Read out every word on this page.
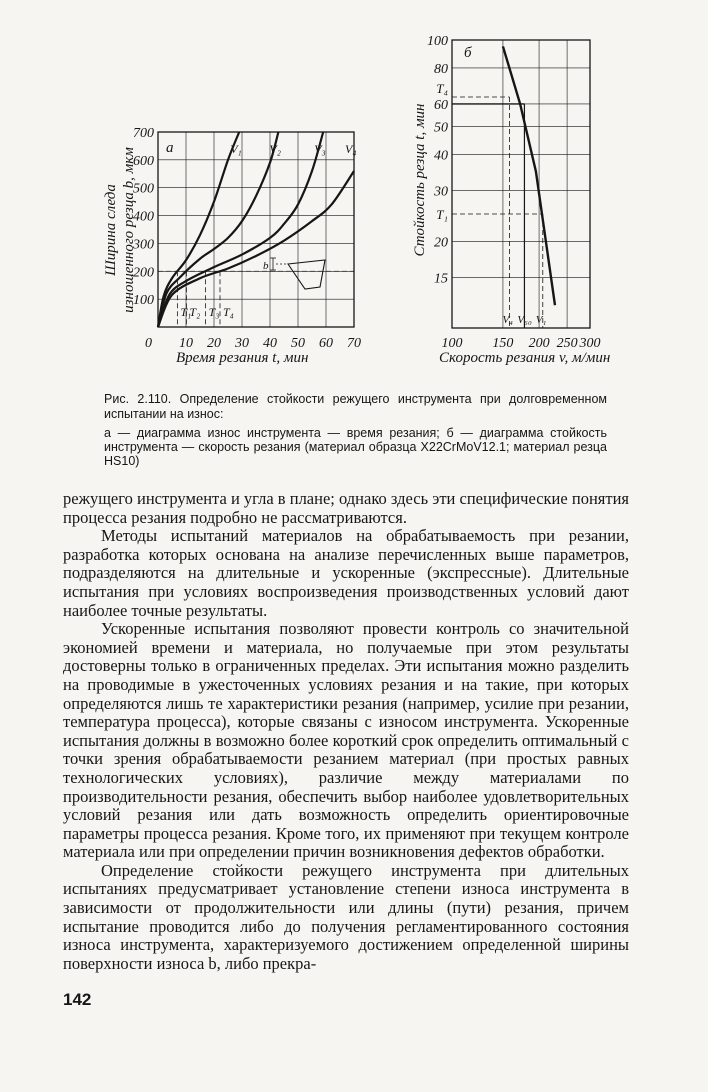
Ширина следа изношенного резца b, мкм
100
200
300
400
500
600
700
10 20 30 40 50 60 70
0
а	V₁ V₂	V₃ V₄
T₁
T₂ T₃ T₄
Время резания t, мин
b
Стойкость резца t, мин
100
80
60
50
40
30
20
15
T₄
T₁
100 150 200 250 300
V₄ V₆₀ V₁
б
Скорость резания v, м/мин
Рис. 2.110. Определение стойкости режущего инструмента при долговременном испытании на износ:
а — диаграмма износ инструмента — время резания; б — диаграмма стойкость инструмента — скорость резания (материал образца X22CrMoV12.1; материал резца HS10)

режущего инструмента и угла в плане; однако здесь эти специфические понятия процесса резания подробно не рассматриваются.

Методы испытаний материалов на обрабатываемость при резании, разработка которых основана на анализе перечисленных выше параметров, подразделяются на длительные и ускоренные (экспрессные). Длительные испытания при условиях воспроизведения производственных условий дают наиболее точные результаты.

Ускоренные испытания позволяют провести контроль со значительной экономией времени и материала, но получаемые при этом результаты достоверны только в ограниченных пределах. Эти испытания можно разделить на проводимые в ужесточенных условиях резания и на такие, при которых определяются лишь те характеристики резания (например, усилие при резании, температура процесса), которые связаны с износом инструмента. Ускоренные испытания должны в возможно более короткий срок определить оптимальный с точки зрения обрабатываемости резанием материал (при простых равных технологических условиях), различие между материалами по производительности резания, обеспечить выбор наиболее удовлетворительных условий резания или дать возможность определить ориентировочные параметры процесса резания. Кроме того, их применяют при текущем контроле материала или при определении причин возникновения дефектов обработки.

Определение стойкости режущего инструмента при длительных испытаниях предусматривает установление степени износа инструмента в зависимости от продолжительности или длины (пути) резания, причем испытание проводится либо до получения регламентированного состояния износа инструмента, характеризуемого достижением определенной ширины поверхности износа b, либо прекра-

142
